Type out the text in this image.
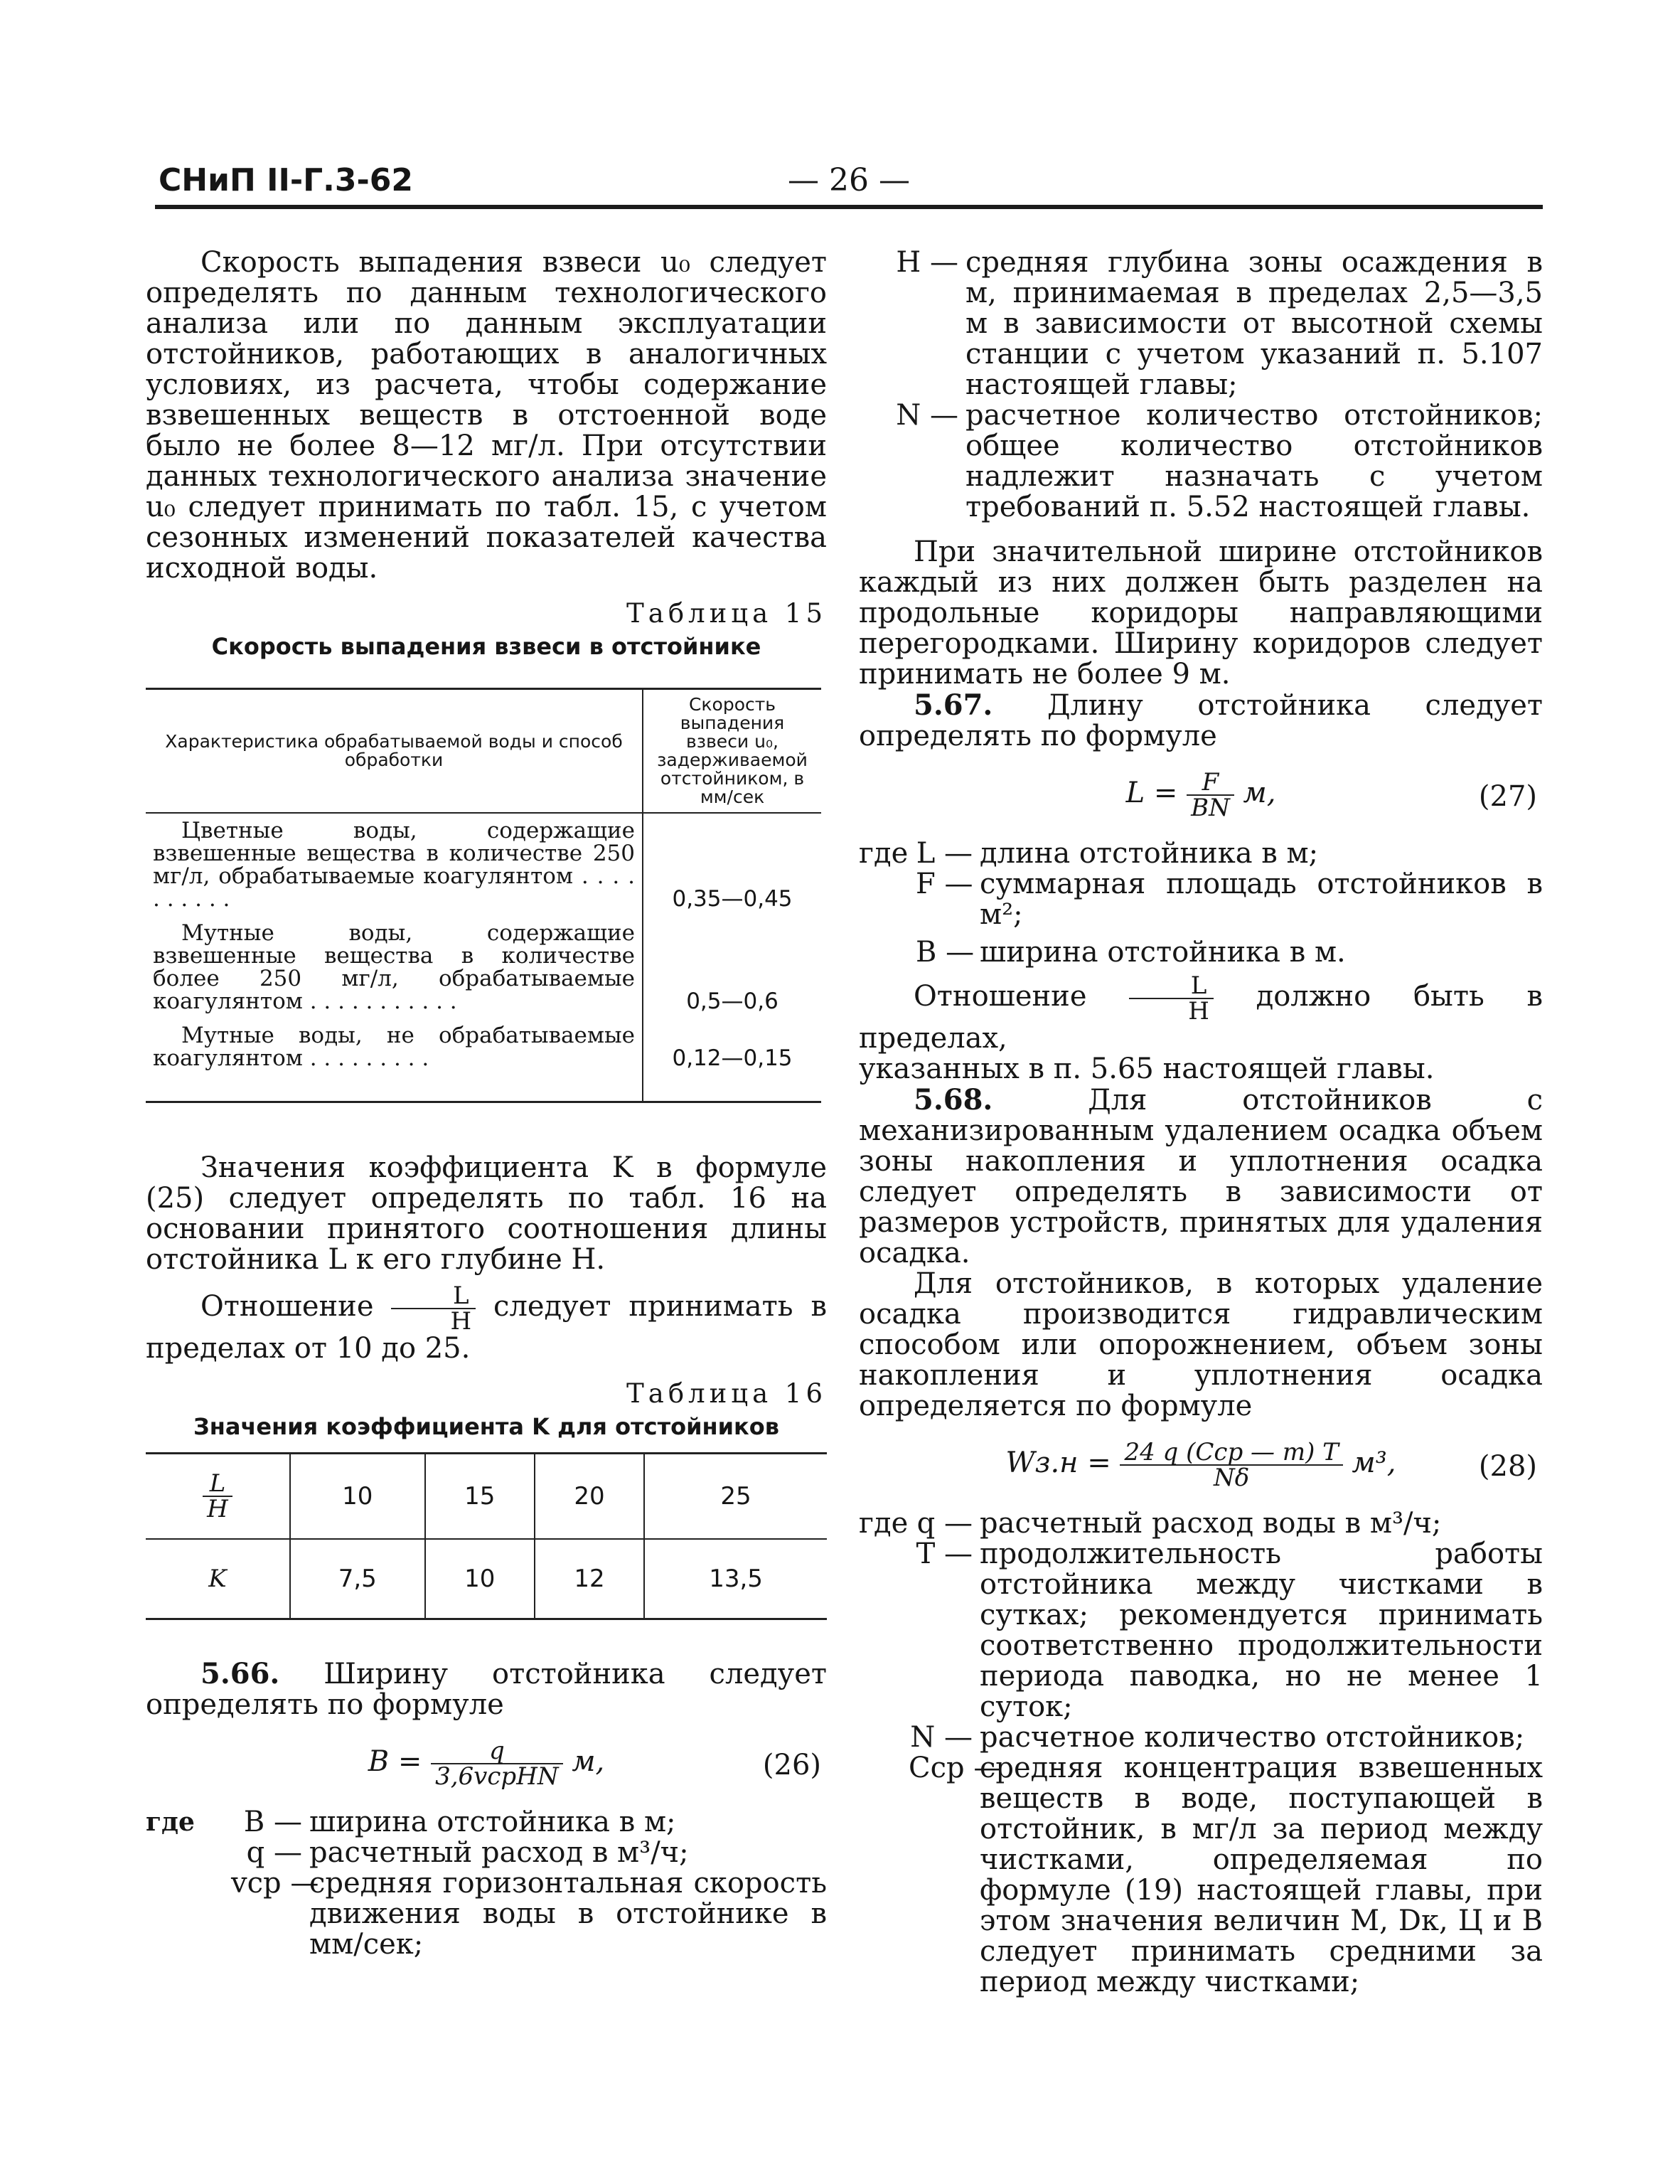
СНиП II-Г.3-62	— 26 —

Скорость выпадения взвеси u₀ следует определять по данным технологического анализа или по данным эксплуатации отстойников, работающих в аналогичных условиях, из расчета, чтобы содержание взвешенных веществ в отстоенной воде было не более 8—12 мг/л. При отсутствии данных технологического анализа значение u₀ следует принимать по табл. 15, с учетом сезонных изменений показателей качества исходной воды.

Таблица 15
Скорость выпадения взвеси в отстойнике
Характеристика обрабатываемой воды и способ обработки	Скорость выпадения взвеси u₀, задерживаемой отстойником, в мм/сек
Цветные воды, содержащие взвешенные вещества в количестве 250 мг/л, обрабатываемые коагулянтом . . . . . . . . . .	0,35—0,45
Мутные воды, содержащие взвешенные вещества в количестве более 250 мг/л, обрабатываемые коагулянтом . . . . . . . . . . .	0,5—0,6
Мутные воды, не обрабатываемые коагулянтом . . . . . . . . .	0,12—0,15

Значения коэффициента K в формуле (25) следует определять по табл. 16 на основании принятого соотношения длины отстойника L к его глубине H.

Отношение $\frac{L}{H}$ следует принимать в пределах от 10 до 25.

Таблица 16
Значения коэффициента K для отстойников
$\frac{L}{H}$	10	15	20	25
K	7,5	10	12	13,5

5.66. Ширину отстойника следует определять по формуле

$B = \frac{q}{\text{3,6vсрHN}} м$,	(26)
где	B — ширина отстойника в м;
q — расчетный расход в м³/ч;
vср —
средняя горизонтальная скорость движения воды в отстойнике в мм/сек;
H — средняя глубина зоны осаждения в м, принимаемая в пределах 2,5—3,5 м в зависимости от высотной схемы станции с учетом указаний п. 5.107 настоящей главы;
N — расчетное количество отстойников; общее количество отстойников надлежит назначать с учетом требований п. 5.52 настоящей главы.

При значительной ширине отстойников каждый из них должен быть разделен на продольные коридоры направляющими перегородками. Ширину коридоров следует принимать не более 9 м.

5.67. Длину отстойника следует определять по формуле

$L = \frac{F}{BN} м$,	(27)
где L — длина отстойника в м;
F — суммарная площадь отстойников в м²;
B — ширина отстойника в м.

Отношение $\frac{L}{H}$ должно быть в пределах,

указанных в п. 5.65 настоящей главы.

5.68.	Для отстойников с механизированным удалением осадка объем зоны накопления и уплотнения осадка следует определять в зависимости от размеров устройств, принятых для удаления осадка.

Для отстойников, в которых удаление осадка производится гидравлическим способом или опорожнением, объем зоны накопления и уплотнения осадка определяется по формуле

$Wз.н = \frac{\text{24 q (Cср — m) T}}{N\delta} м^3$,	(28)
где q — расчетный расход воды в м³/ч;
T — продолжительность работы отстойника между чистками в сутках; рекомендуется принимать соответственно продолжительности периода паводка, но не менее 1 суток;
N — расчетное количество отстойников;
Cср —
средняя концентрация взвешенных веществ в воде, поступающей в отстойник, в мг/л за период между чистками, определяемая по формуле (19) настоящей главы, при этом значения величин M, Dк, Ц и B следует принимать средними за период между чистками;
